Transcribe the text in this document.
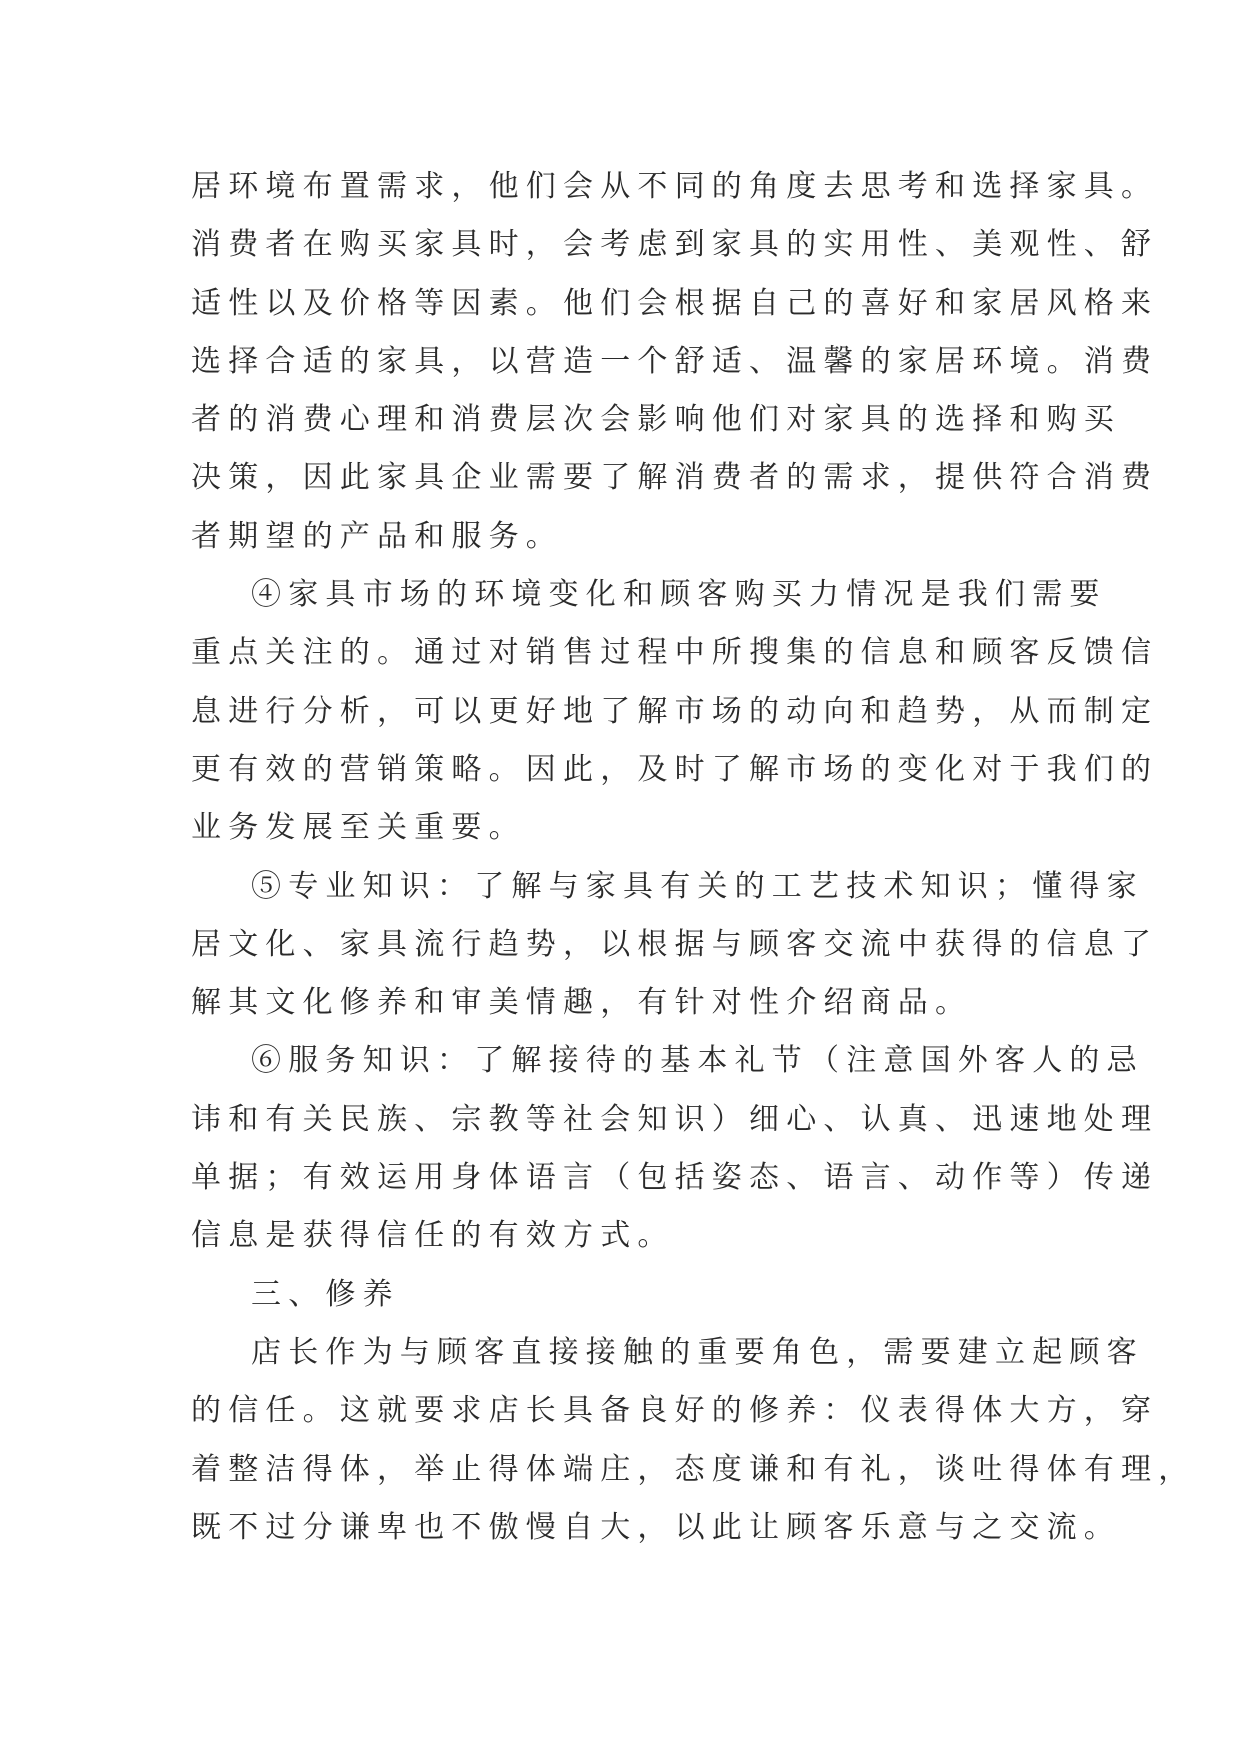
居环境布置需求，他们会从不同的角度去思考和选择家具。
消费者在购买家具时，会考虑到家具的实用性、美观性、舒
适性以及价格等因素。他们会根据自己的喜好和家居风格来
选择合适的家具，以营造一个舒适、温馨的家居环境。消费
者的消费心理和消费层次会影响他们对家具的选择和购买
决策，因此家具企业需要了解消费者的需求，提供符合消费
者期望的产品和服务。
④家具市场的环境变化和顾客购买力情况是我们需要
重点关注的。通过对销售过程中所搜集的信息和顾客反馈信
息进行分析，可以更好地了解市场的动向和趋势，从而制定
更有效的营销策略。因此，及时了解市场的变化对于我们的
业务发展至关重要。
⑤专业知识：了解与家具有关的工艺技术知识；懂得家
居文化、家具流行趋势，以根据与顾客交流中获得的信息了
解其文化修养和审美情趣，有针对性介绍商品。
⑥服务知识：了解接待的基本礼节（注意国外客人的忌
讳和有关民族、宗教等社会知识）细心、认真、迅速地处理
单据；有效运用身体语言（包括姿态、语言、动作等）传递
信息是获得信任的有效方式。
三、修养
店长作为与顾客直接接触的重要角色，需要建立起顾客
的信任。这就要求店长具备良好的修养：仪表得体大方，穿
着整洁得体，举止得体端庄，态度谦和有礼，谈吐得体有理，
既不过分谦卑也不傲慢自大，以此让顾客乐意与之交流。
